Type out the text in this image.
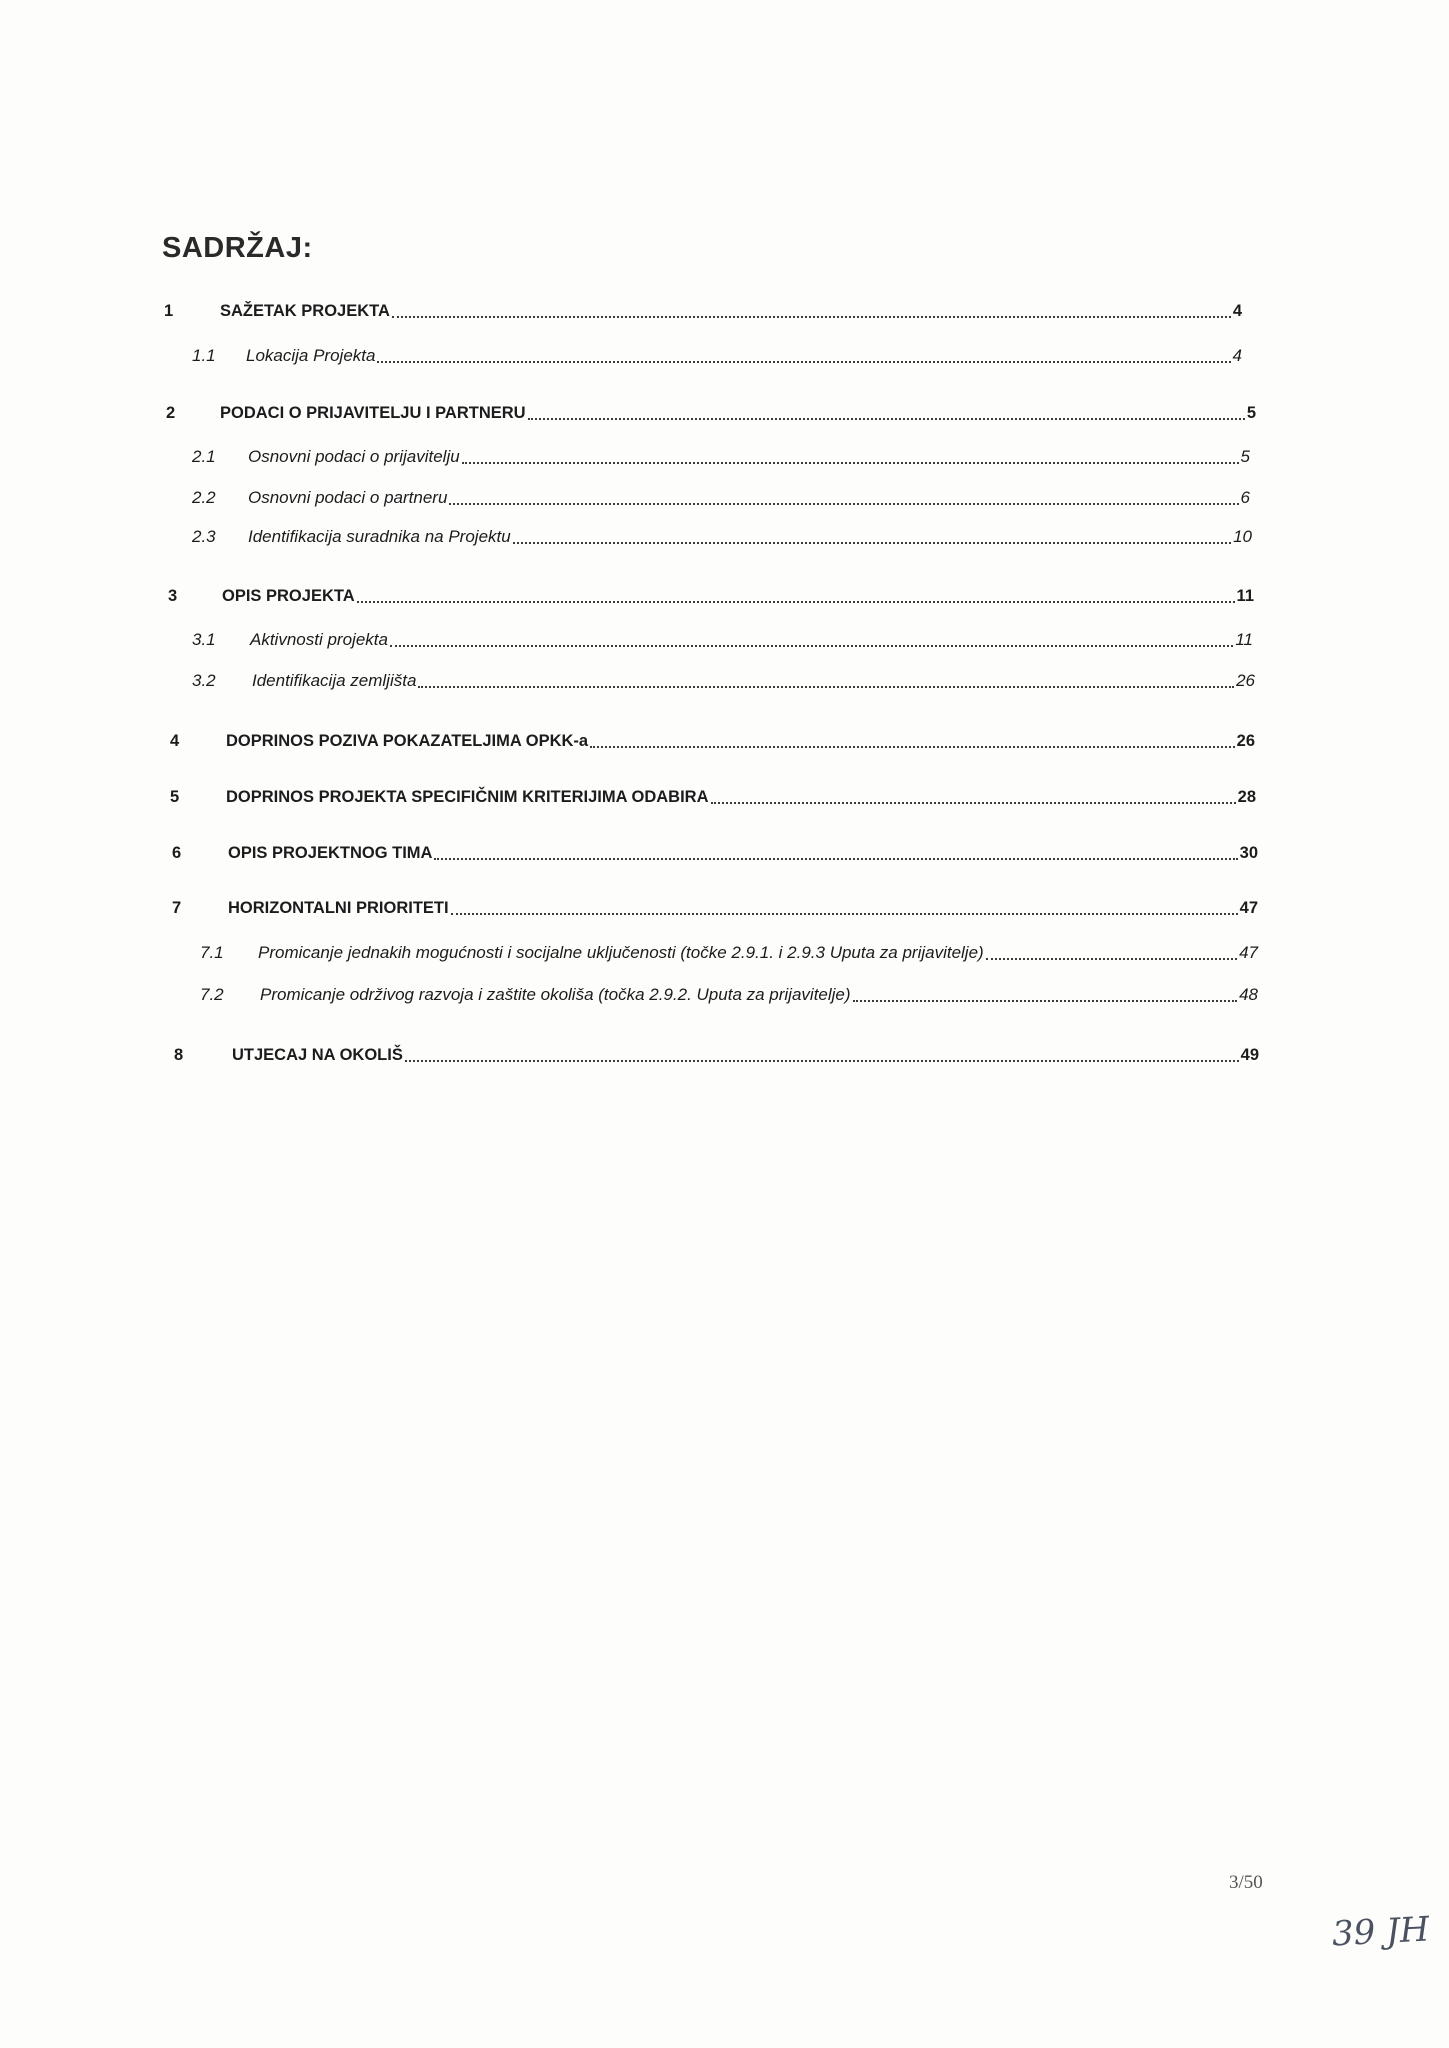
SADRŽAJ:
1	SAŽETAK PROJEKTA	4
1.1 Lokacija Projekta	4
2	PODACI O PRIJAVITELJU I PARTNERU	5
2.1 Osnovni podaci o prijavitelju	5
2.2 Osnovni podaci o partneru	6
2.3 Identifikacija suradnika na Projektu	10
3	OPIS PROJEKTA	11
3.1 Aktivnosti projekta	11
3.2 Identifikacija zemljišta	26
4	DOPRINOS POZIVA POKAZATELJIMA OPKK-a	26
5	DOPRINOS PROJEKTA SPECIFIČNIM KRITERIJIMA ODABIRA	28
6	OPIS PROJEKTNOG TIMA	30
7	HORIZONTALNI PRIORITETI	47
7.1 Promicanje jednakih mogućnosti i socijalne uključenosti (točke 2.9.1. i 2.9.3 Uputa za prijavitelje)	47
7.2 Promicanje održivog razvoja i zaštite okoliša (točka 2.9.2. Uputa za prijavitelje)	48
8	UTJECAJ NA OKOLIŠ	49
3/50
39 JH
